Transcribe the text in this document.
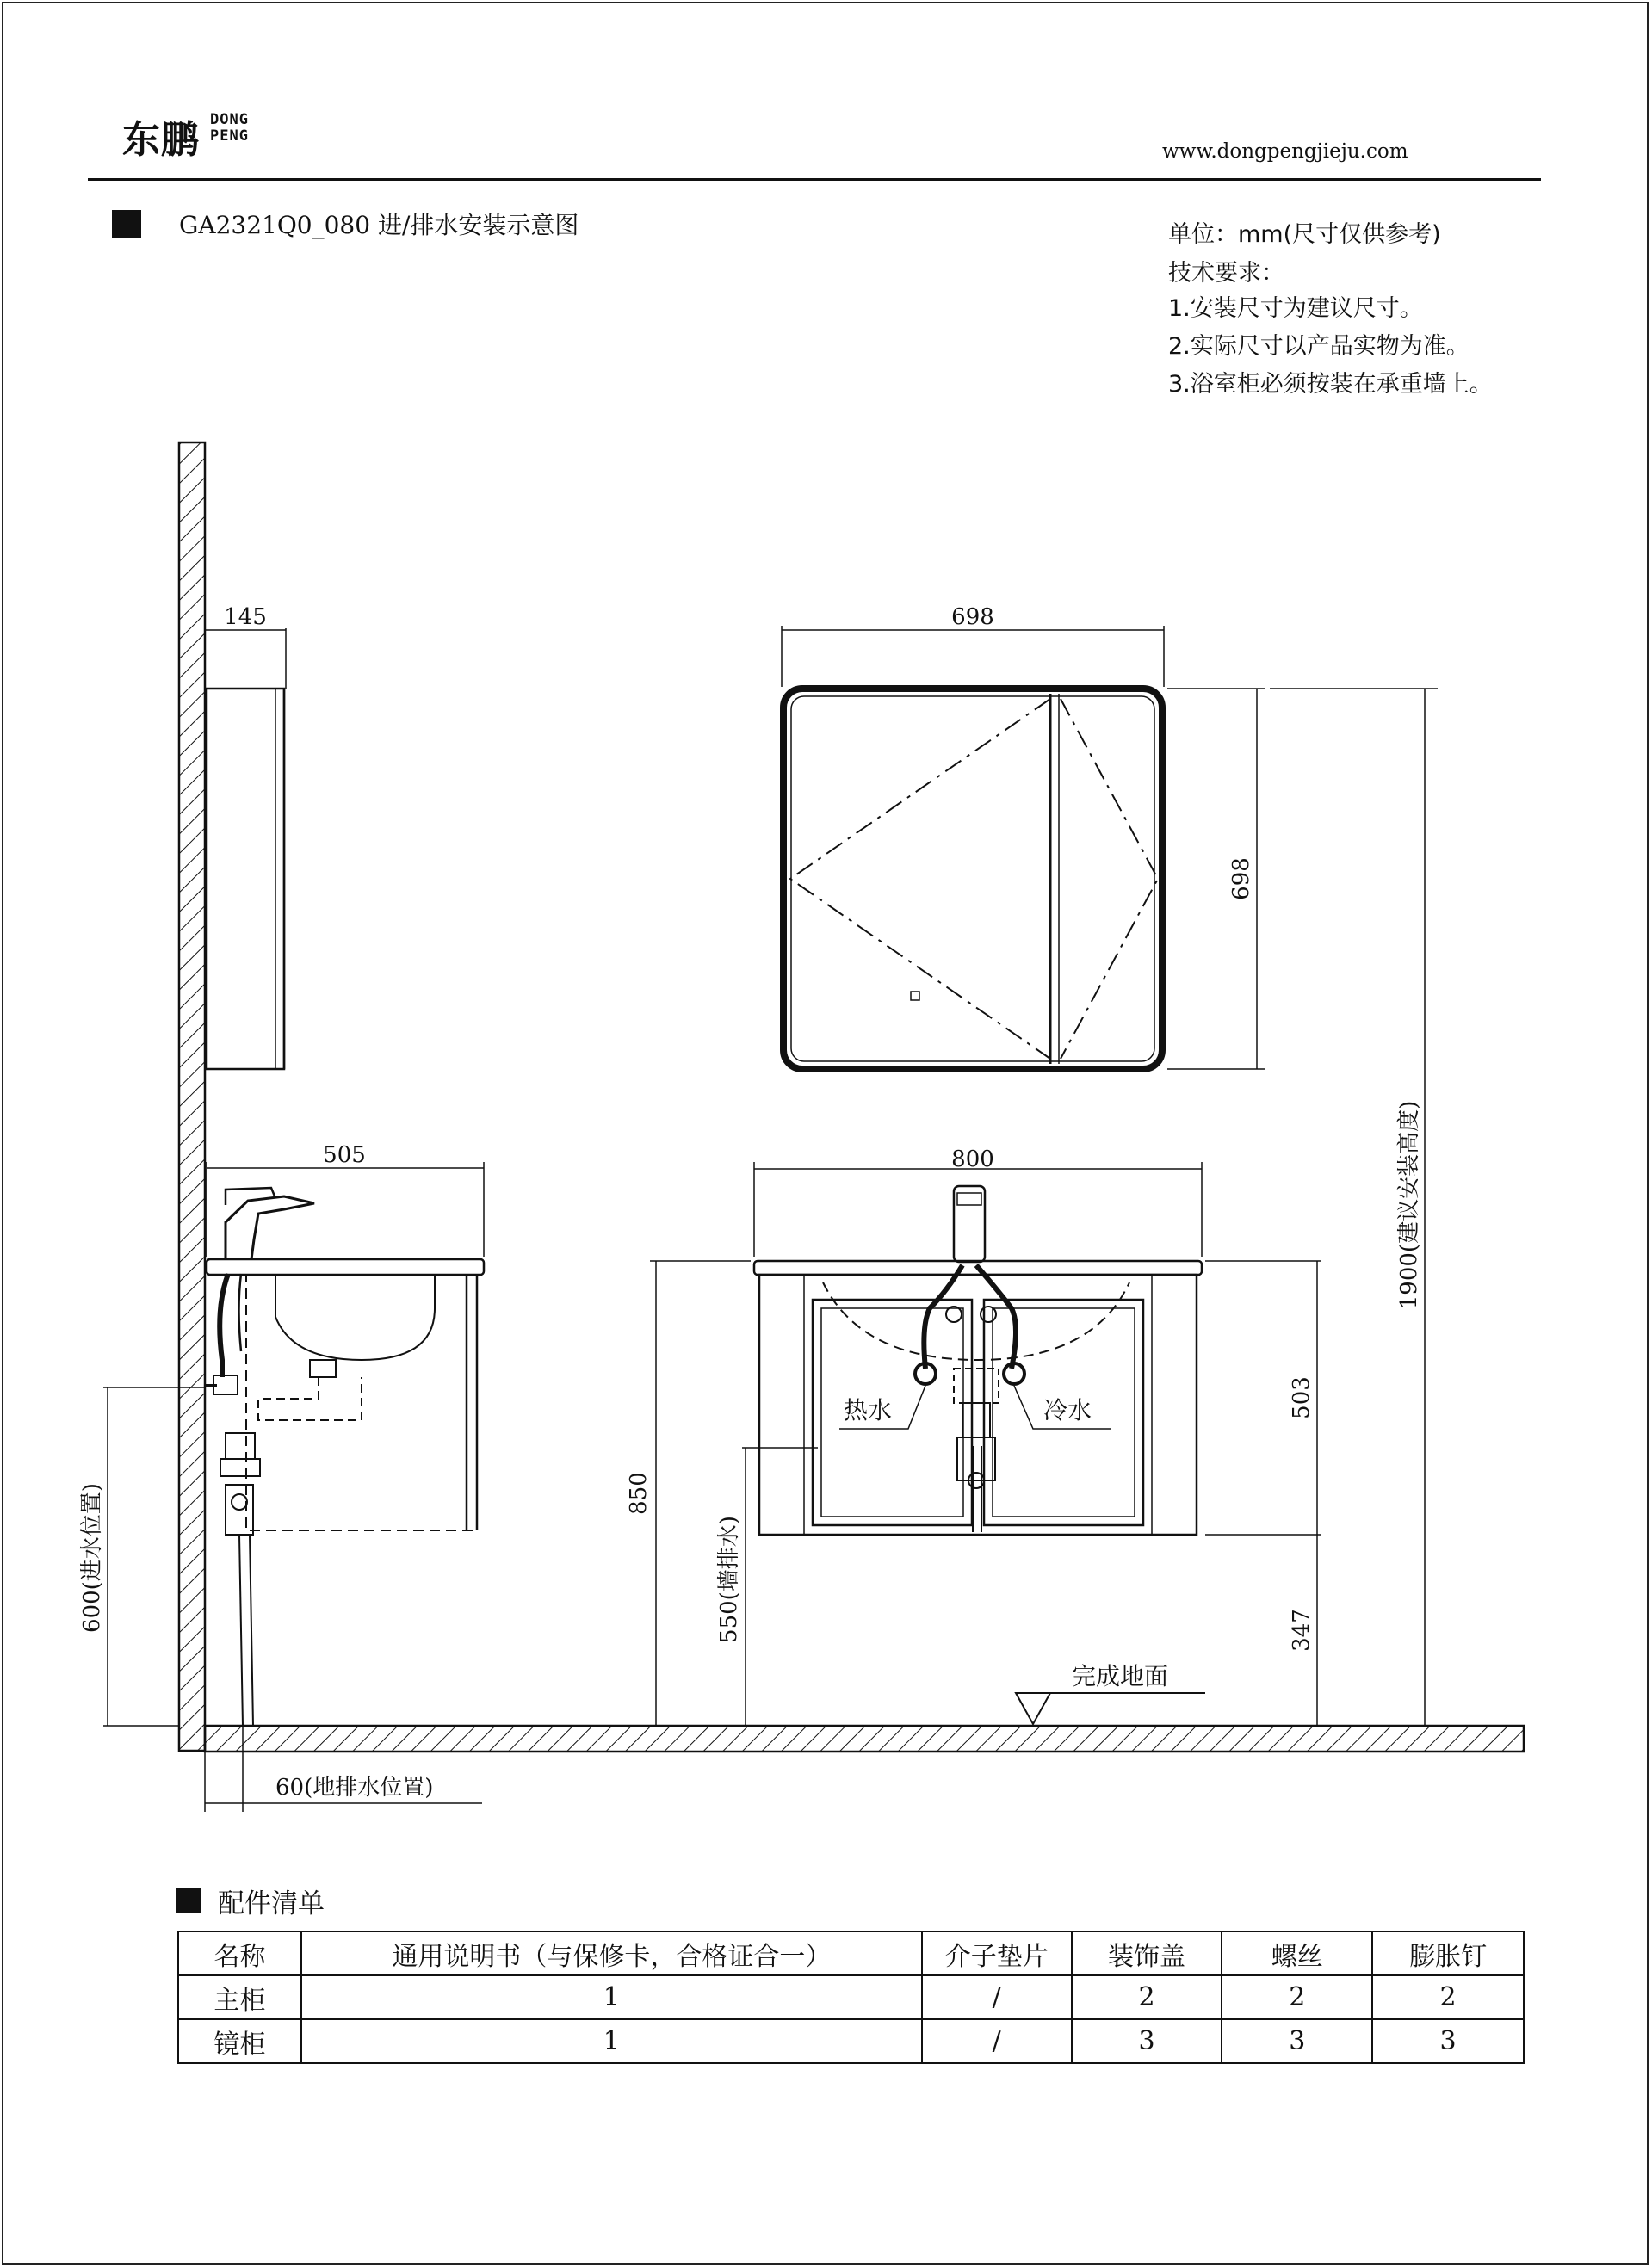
东鹏 DONG
PENG
www.dongpengjieju.com
GA2321Q0_080 进/排水安装示意图	单位：mm(尺寸仅供参考)
技术要求：
1.安装尺寸为建议尺寸。
2.实际尺寸以产品实物为准。
3.浴室柜必须按装在承重墙上。
145	698
698
1900(建议安装高度)
505
600(进水位置)
60(地排水位置)
热水	冷水
800
850
550(墙排水)
503
347
完成地面
配件清单
名称	通用说明书（与保修卡，合格证合一）	介子垫片	装饰盖	螺丝	膨胀钉
主柜	1	/	2	2	2
镜柜	1	/	3	3	3
